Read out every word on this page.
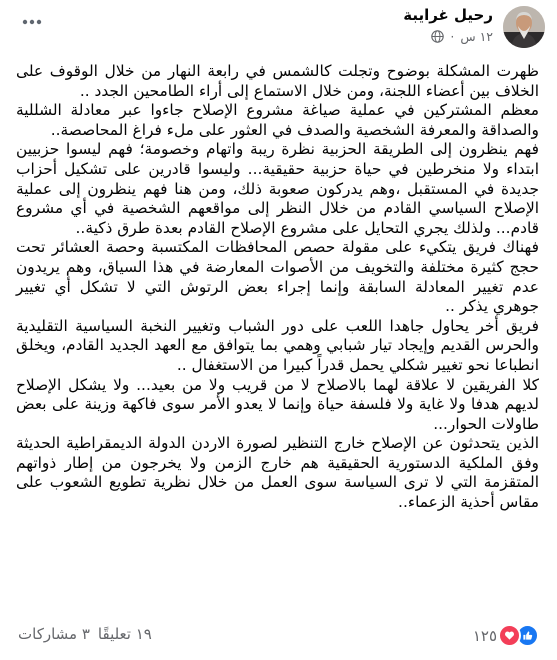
رحيل غرايبة
١٢ س
·

ظهرت المشكلة بوضوح وتجلت كالشمس في رابعة النهار من خلال الوقوف على الخلاف بين أعضاء اللجنة، ومن خلال الاستماع إلى أراء الطامحين الجدد ..

معظم المشتركين في عملية صياغة مشروع الإصلاح جاءوا عبر معادلة الشللية والصداقة والمعرفة الشخصية والصدف في العثور على ملء فراغ المحاصصة..

فهم ينظرون إلى الطريقة الحزبية نظرة ريبة واتهام وخصومة؛ فهم ليسوا حزبيين ابتداء ولا منخرطين في حياة حزبية حقيقية... وليسوا قادرين على تشكيل أحزاب جديدة في المستقبل ،وهم يدركون صعوبة ذلك، ومن هنا فهم ينظرون إلى عملية الإصلاح السياسي القادم من خلال النظر إلى مواقعهم الشخصية في أي مشروع قادم... ولذلك يجري التحايل على مشروع الإصلاح القادم بعدة طرق ذكية..

فهناك فريق يتكيء على مقولة حصص المحافظات المكتسبة وحصة العشائر تحت حجج كثيرة مختلفة والتخويف من الأصوات المعارضة في هذا السياق، وهم يريدون عدم تغيير المعادلة السابقة وإنما إجراء بعض الرتوش التي لا تشكل أي تغيير جوهري يذكر ..

فريق أخر يحاول جاهدا اللعب على دور الشباب وتغيير النخبة السياسية التقليدية والحرس القديم وإيجاد تيار شبابي وهمي بما يتوافق مع العهد الجديد القادم، ويخلق انطباعا نحو تغيير شكلي يحمل قدراً كبيرا من الاستغفال ..

كلا الفريقين لا علاقة لهما بالاصلاح لا من قريب ولا من بعيد... ولا يشكل الإصلاح لديهم هدفا ولا غاية ولا فلسفة حياة وإنما لا يعدو الأمر سوى فاكهة وزينة على بعض طاولات الحوار...

الذين يتحدثون عن الإصلاح خارج التنظير لصورة الاردن الدولة الديمقراطية الحديثة وفق الملكية الدستورية الحقيقية هم خارج الزمن ولا يخرجون من إطار ذواتهم المتقزمة التي لا ترى السياسة سوى العمل من خلال نظرية تطويع الشعوب على مقاس أحذية الزعماء..

١٢٥
١٩ تعليقًا
٣ مشاركات
